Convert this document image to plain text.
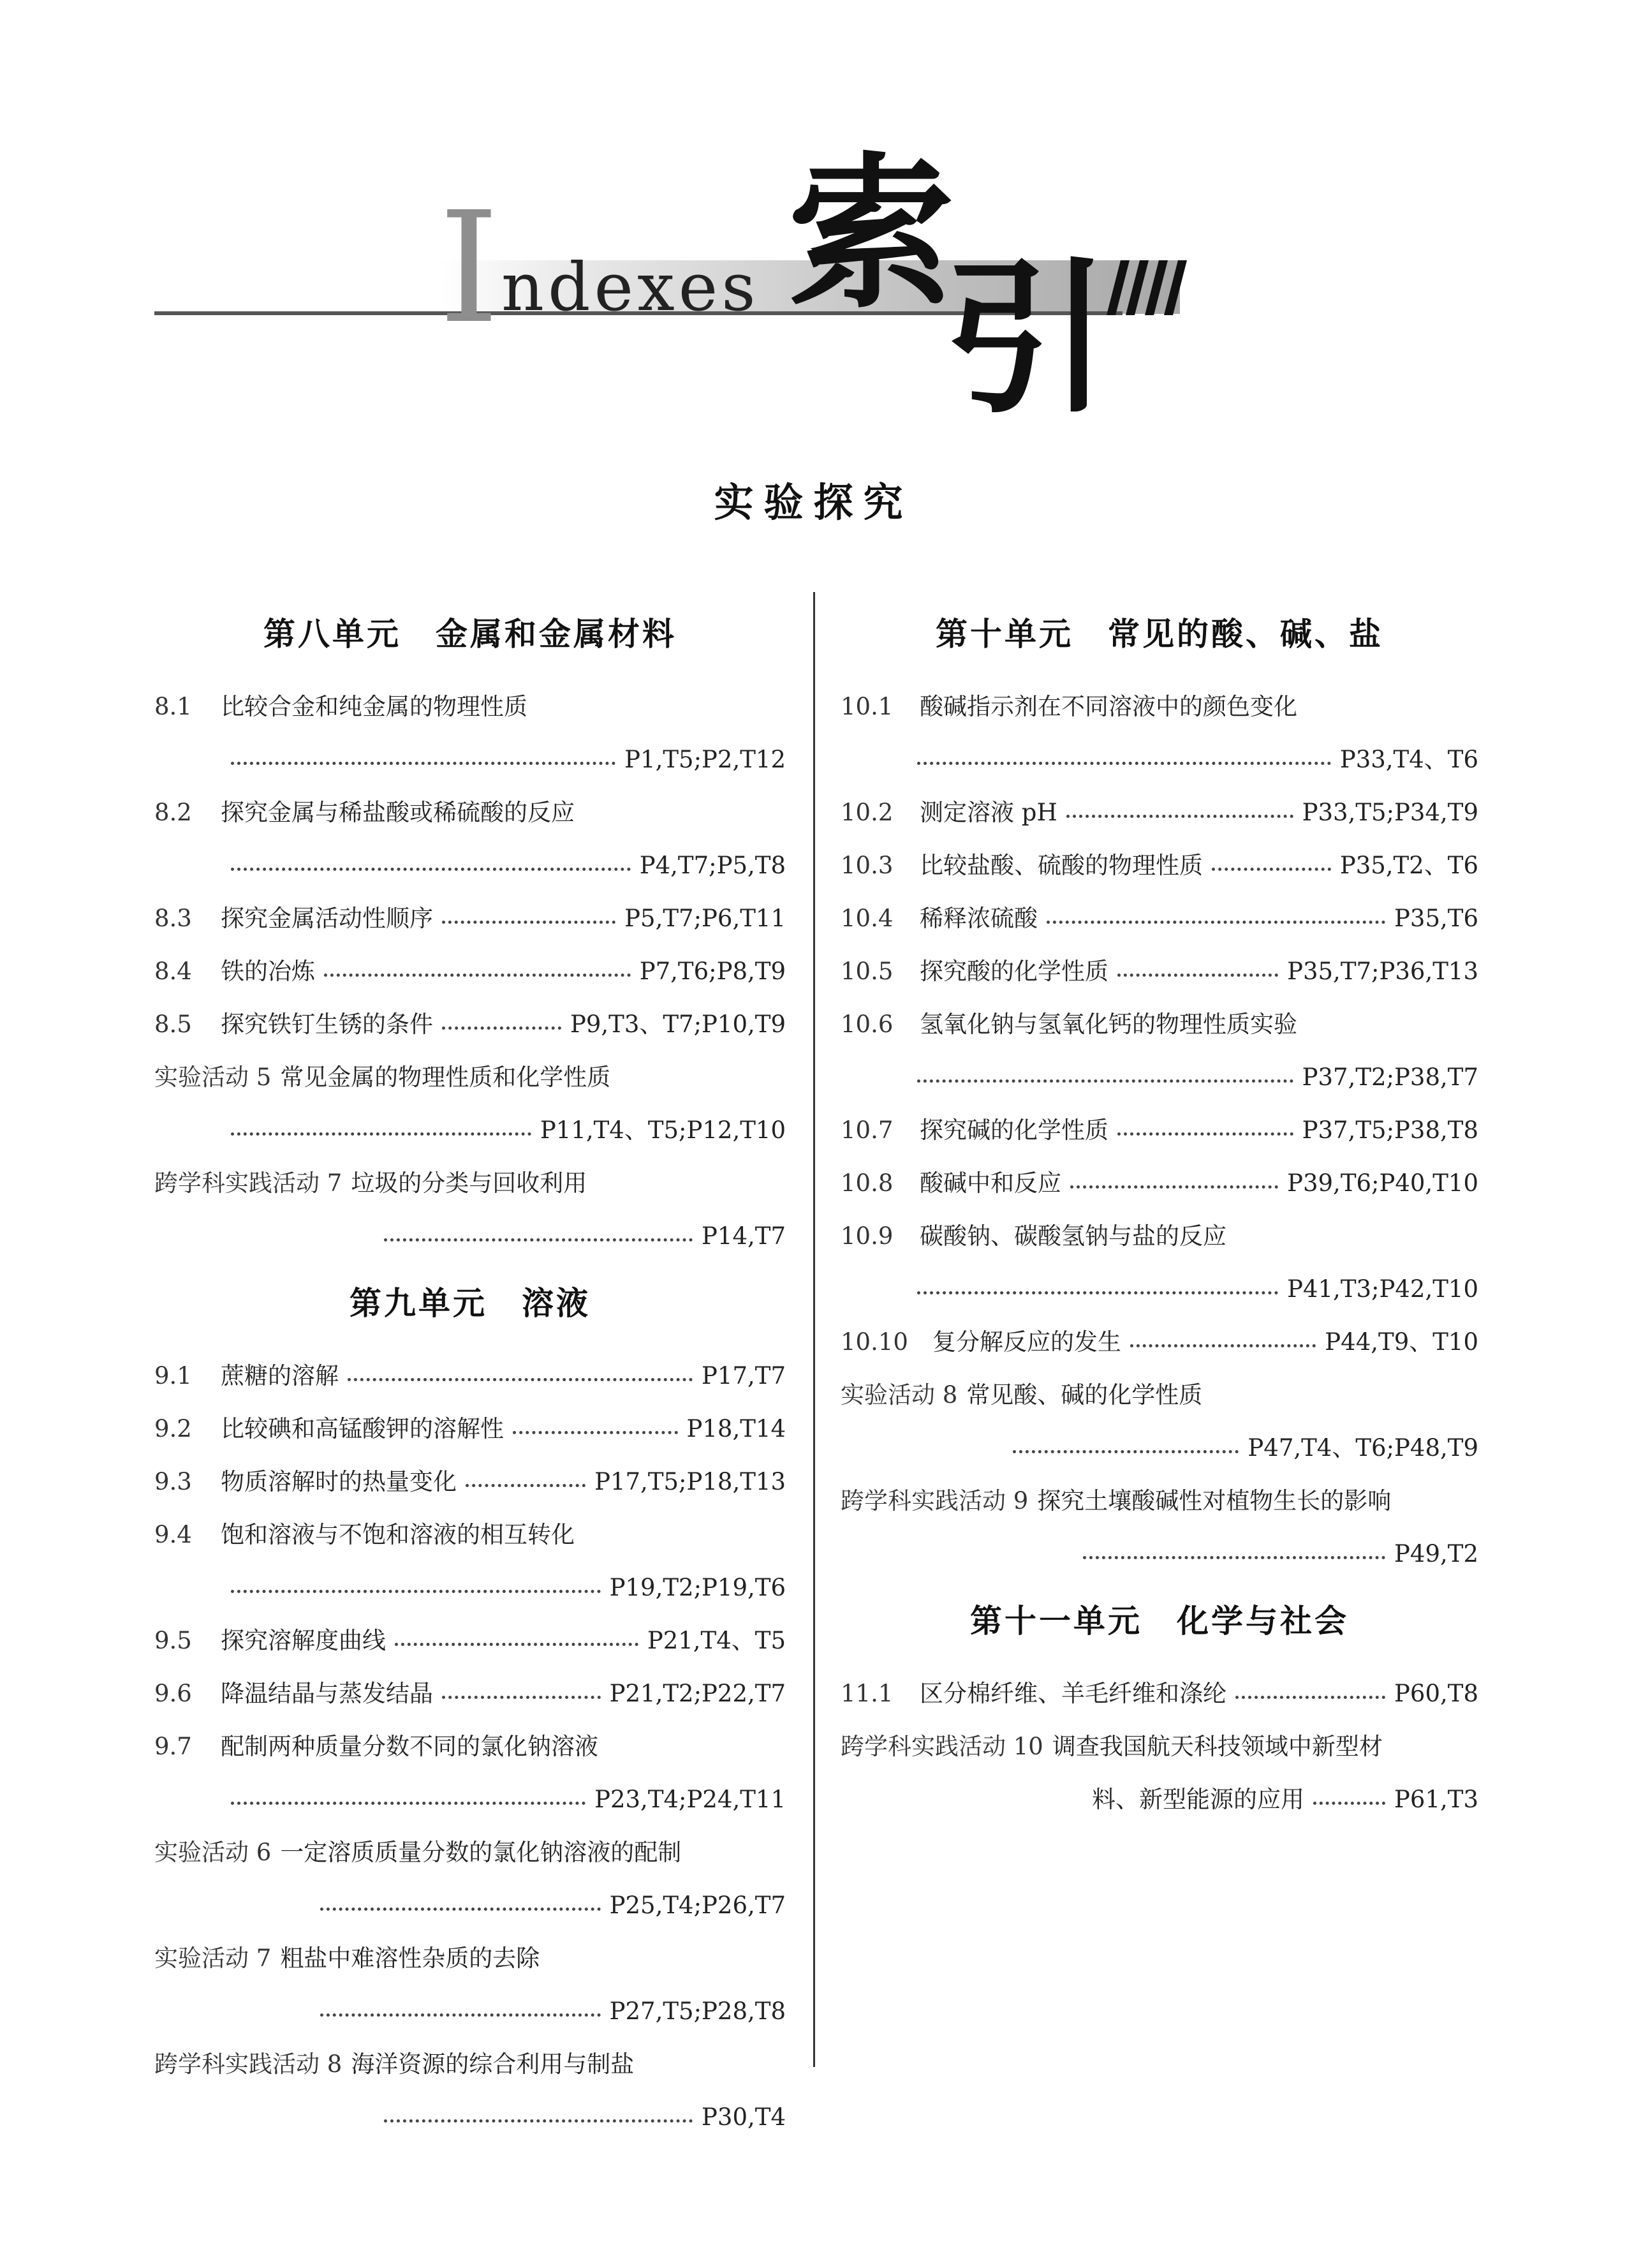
I ndexes 索
引
实验探究
第八单元　金属和金属材料
8.1	比较合金和纯金属的物理性质
P1,T5;P2,T12
8.2	探究金属与稀盐酸或稀硫酸的反应
P4,T7;P5,T8
8.3	探究金属活动性顺序	P5,T7;P6,T11
8.4	铁的冶炼	P7,T6;P8,T9
8.5	探究铁钉生锈的条件	P9,T3、T7;P10,T9
实验活动 5 常见金属的物理性质和化学性质
P11,T4、T5;P12,T10
跨学科实践活动 7 垃圾的分类与回收利用
P14,T7
第九单元　溶液
9.1	蔗糖的溶解	P17,T7
9.2	比较碘和高锰酸钾的溶解性	P18,T14
9.3	物质溶解时的热量变化	P17,T5;P18,T13
9.4	饱和溶液与不饱和溶液的相互转化
P19,T2;P19,T6
9.5	探究溶解度曲线	P21,T4、T5
9.6	降温结晶与蒸发结晶	P21,T2;P22,T7
9.7	配制两种质量分数不同的氯化钠溶液
P23,T4;P24,T11
实验活动 6 一定溶质质量分数的氯化钠溶液的配制
P25,T4;P26,T7
实验活动 7 粗盐中难溶性杂质的去除
P27,T5;P28,T8
跨学科实践活动 8 海洋资源的综合利用与制盐
P30,T4
第十单元　常见的酸、碱、盐
10.1	酸碱指示剂在不同溶液中的颜色变化
P33,T4、T6
10.2	测定溶液 pH	P33,T5;P34,T9
10.3	比较盐酸、硫酸的物理性质	P35,T2、T6
10.4	稀释浓硫酸	P35,T6
10.5	探究酸的化学性质	P35,T7;P36,T13
10.6	氢氧化钠与氢氧化钙的物理性质实验
P37,T2;P38,T7
10.7	探究碱的化学性质	P37,T5;P38,T8
10.8	酸碱中和反应	P39,T6;P40,T10
10.9	碳酸钠、碳酸氢钠与盐的反应
P41,T3;P42,T10
10.10	复分解反应的发生	P44,T9、T10
实验活动 8 常见酸、碱的化学性质
P47,T4、T6;P48,T9
跨学科实践活动 9 探究土壤酸碱性对植物生长的影响
P49,T2
第十一单元　化学与社会
11.1	区分棉纤维、羊毛纤维和涤纶	P60,T8
跨学科实践活动 10 调查我国航天科技领域中新型材
料、新型能源的应用	P61,T3
